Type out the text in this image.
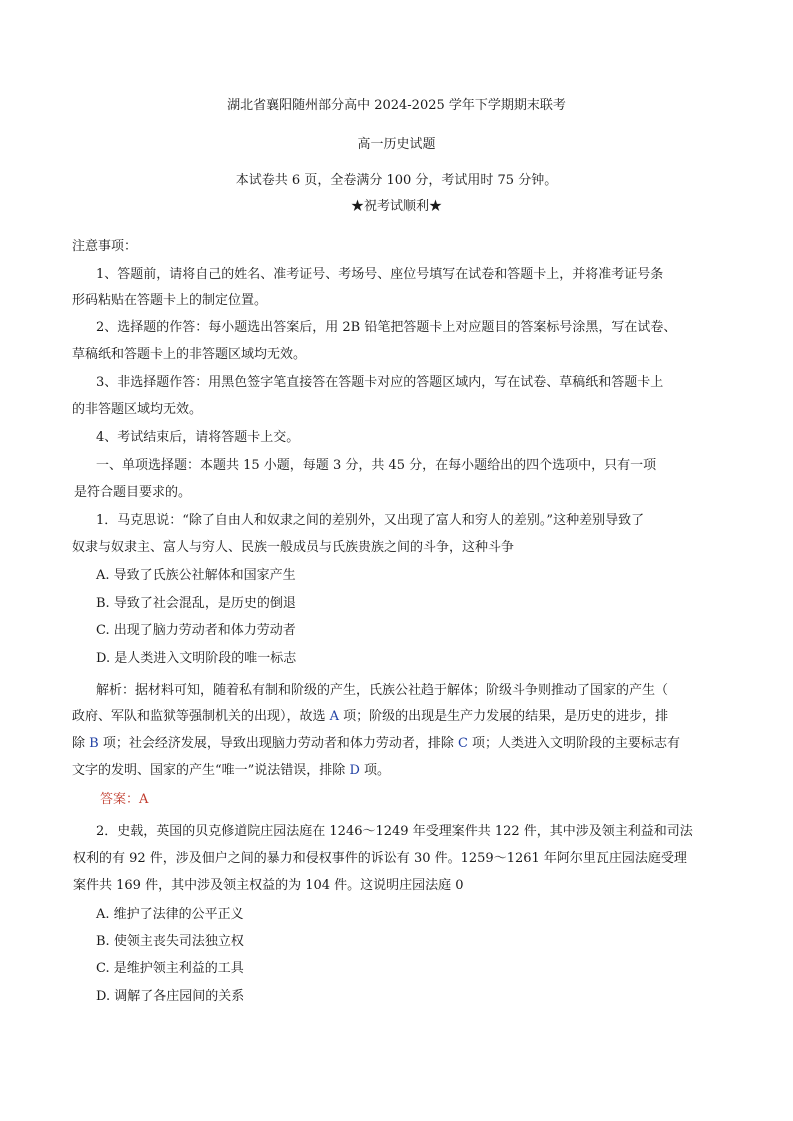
湖北省襄阳随州部分高中 2024-2025 学年下学期期末联考
高一历史试题
本试卷共 6 页，全卷满分 100 分，考试用时 75 分钟。
★祝考试顺利★
注意事项：
1、答题前，请将自己的姓名、准考证号、考场号、座位号填写在试卷和答题卡上，并将准考证号条
形码粘贴在答题卡上的制定位置。
2、选择题的作答：每小题选出答案后，用 2B 铅笔把答题卡上对应题目的答案标号涂黑，写在试卷、
草稿纸和答题卡上的非答题区域均无效。
3、非选择题作答：用黑色签字笔直接答在答题卡对应的答题区域内，写在试卷、草稿纸和答题卡上
的非答题区域均无效。
4、考试结束后，请将答题卡上交。
一、单项选择题：本题共 15 小题，每题 3 分，共 45 分，在每小题给出的四个选项中，只有一项
是符合题目要求的。
1．马克思说：“除了自由人和奴隶之间的差别外，又出现了富人和穷人的差别。”这种差别导致了
奴隶与奴隶主、富人与穷人、民族一般成员与氏族贵族之间的斗争，这种斗争
A. 导致了氏族公社解体和国家产生
B. 导致了社会混乱，是历史的倒退
C. 出现了脑力劳动者和体力劳动者
D. 是人类进入文明阶段的唯一标志
解析：据材料可知，随着私有制和阶级的产生，氏族公社趋于解体；阶级斗争则推动了国家的产生（
政府、军队和监狱等强制机关的出现），故选 A 项；阶级的出现是生产力发展的结果，是历史的进步，排
除 B 项；社会经济发展，导致出现脑力劳动者和体力劳动者，排除 C 项；人类进入文明阶段的主要标志有
文字的发明、国家的产生“唯一”说法错误，排除 D 项。
答案：A
2．史载，英国的贝克修道院庄园法庭在 1246～1249 年受理案件共 122 件，其中涉及领主利益和司法
权利的有 92 件，涉及佃户之间的暴力和侵权事件的诉讼有 30 件。1259～1261 年阿尔里瓦庄园法庭受理
案件共 169 件，其中涉及领主权益的为 104 件。这说明庄园法庭 0
A. 维护了法律的公平正义
B. 使领主丧失司法独立权
C. 是维护领主利益的工具
D. 调解了各庄园间的关系
